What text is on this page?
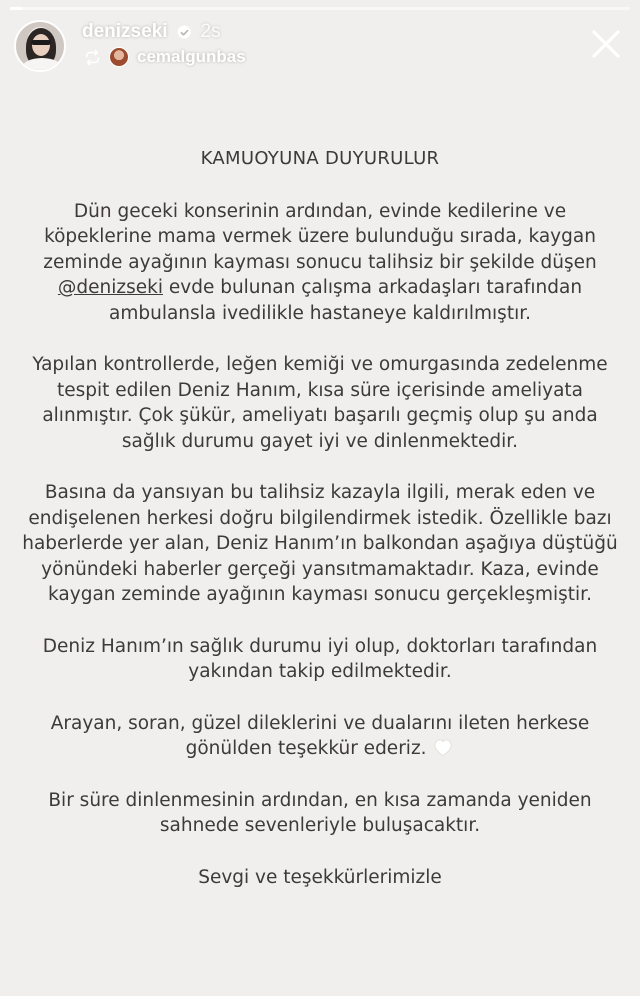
denizseki 2s
cemalgunbas
KAMUOYUNA DUYURULUR

Dün geceki konserinin ardından, evinde kedilerine ve köpeklerine mama vermek üzere bulunduğu sırada, kaygan zeminde ayağının kayması sonucu talihsiz bir şekilde düşen @denizseki evde bulunan çalışma arkadaşları tarafından ambulansla ivedilikle hastaneye kaldırılmıştır.

Yapılan kontrollerde, leğen kemiği ve omurgasında zedelenme tespit edilen Deniz Hanım, kısa süre içerisinde ameliyata alınmıştır. Çok şükür, ameliyatı başarılı geçmiş olup şu anda sağlık durumu gayet iyi ve dinlenmektedir.

Basına da yansıyan bu talihsiz kazayla ilgili, merak eden ve endişelenen herkesi doğru bilgilendirmek istedik. Özellikle bazı haberlerde yer alan, Deniz Hanım’ın balkondan aşağıya düştüğü yönündeki haberler gerçeği yansıtmamaktadır. Kaza, evinde kaygan zeminde ayağının kayması sonucu gerçekleşmiştir.

Deniz Hanım’ın sağlık durumu iyi olup, doktorları tarafından yakından takip edilmektedir.

Arayan, soran, güzel dileklerini ve dualarını ileten herkese gönülden teşekkür ederiz.

Bir süre dinlenmesinin ardından, en kısa zamanda yeniden sahnede sevenleriyle buluşacaktır.

Sevgi ve teşekkürlerimizle
